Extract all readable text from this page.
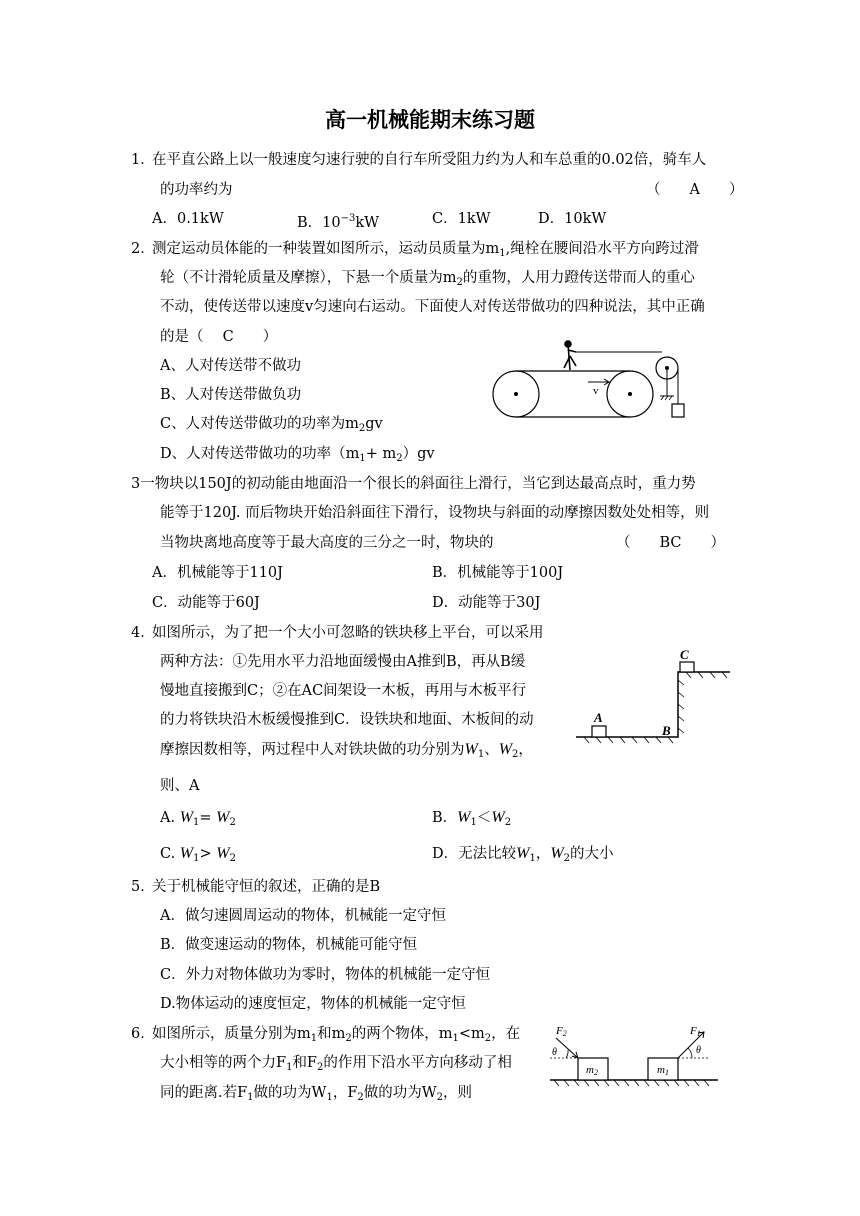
高一机械能期末练习题
1．
在平直公路上以一般速度匀速行驶的自行车所受阻力约为人和车总重的0.02倍，骑车人
的功率约为	（　　A　　）
A．0.1kW	B．$10^{-3}kW$	C．1kW	D．10kW
2．
测定运动员体能的一种装置如图所示，运动员质量为$m_1$,绳栓在腰间沿水平方向跨过滑
轮（不计滑轮质量及摩擦），下悬一个质量为$m_2$的重物，人用力蹬传送带而人的重心
不动，使传送带以速度v匀速向右运动。下面使人对传送带做功的四种说法，其中正确
的是（　 C　　）
A、人对传送带不做功
B、人对传送带做负功
C、人对传送带做功的功率为$m_2gv$
D、人对传送带做功的功率$(m_1+ m_2)gv$
v
3一物块以150J的初动能由地面沿一个很长的斜面往上滑行，当它到达最高点时，重力势
能等于120J. 而后物块开始沿斜面往下滑行，设物块与斜面的动摩擦因数处处相等，则
当物块离地高度等于最大高度的三分之一时，物块的	（　　BC　　）
A．机械能等于110J	B．机械能等于100J
C．动能等于60J	D．动能等于30J
4．
如图所示，为了把一个大小可忽略的铁块移上平台，可以采用
两种方法：①先用水平力沿地面缓慢由A推到B，再从B缓
慢地直接搬到C；②在AC间架设一木板，再用与木板平行
的力将铁块沿木板缓慢推到C．设铁块和地面、木板间的动
摩擦因数相等，两过程中人对铁块做的功分别为$W_1$、$W_2$，
则、A
A. $W_1= W_2$	B．$W_1<W_2$
C. $W_1> W_2$	D．无法比较$W_1$，$W_2$的大小
A
B
C
5．
关于机械能守恒的叙述，正确的是B
A．做匀速圆周运动的物体，机械能一定守恒
B．做变速运动的物体，机械能可能守恒
C．外力对物体做功为零时，物体的机械能一定守恒
D.物体运动的速度恒定，物体的机械能一定守恒
6．
如图所示，质量分别为$m_1$和$m_2$的两个物体，$m_1<m_2$，在
大小相等的两个力$F_1$和$F_2$的作用下沿水平方向移动了相
同的距离.若$F_1$做的功为$W_1$，$F_2$做的功为$W_2$，则
m2	m1
θ
F2
θ
F1
